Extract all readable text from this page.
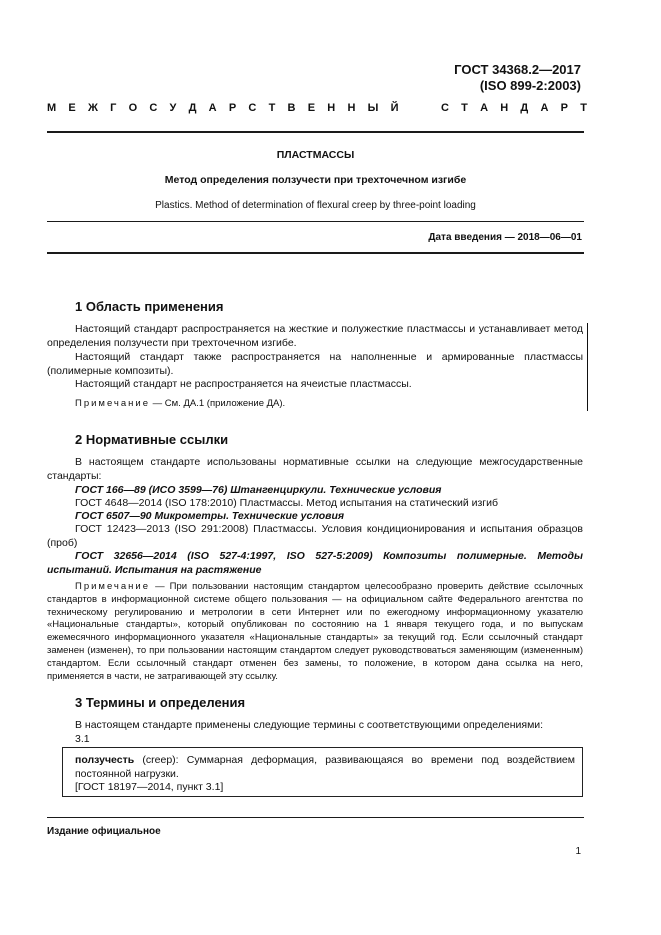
ГОСТ 34368.2—2017
(ISO 899-2:2003)
М Е Ж Г О С У Д А Р С Т В Е Н Н Ы Й	С Т А Н Д А Р Т
ПЛАСТМАССЫ
Метод определения ползучести при трехточечном изгибе
Plastics. Method of determination of flexural creep by three-point loading
Дата введения — 2018—06—01
1 Область применения
Настоящий стандарт распространяется на жесткие и полужесткие пластмассы и устанавливает метод определения ползучести при трехточечном изгибе.
Настоящий стандарт также распространяется на наполненные и армированные пластмассы (полимерные композиты).
Настоящий стандарт не распространяется на ячеистые пластмассы.
Примечание — См. ДА.1 (приложение ДА).
2 Нормативные ссылки
В настоящем стандарте использованы нормативные ссылки на следующие межгосударственные стандарты:
ГОСТ 166—89 (ИСО 3599—76) Штангенциркули. Технические условия
ГОСТ 4648—2014 (ISO 178:2010) Пластмассы. Метод испытания на статический изгиб
ГОСТ 6507—90 Микрометры. Технические условия
ГОСТ 12423—2013 (ISO 291:2008) Пластмассы. Условия кондиционирования и испытания образцов (проб)
ГОСТ 32656—2014 (ISO 527-4:1997, ISO 527-5:2009) Композиты полимерные. Методы испытаний. Испытания на растяжение
Примечание — При пользовании настоящим стандартом целесообразно проверить действие ссылочных стандартов в информационной системе общего пользования — на официальном сайте Федерального агентства по техническому регулированию и метрологии в сети Интернет или по ежегодному информационному указателю «Национальные стандарты», который опубликован по состоянию на 1 января текущего года, и по выпускам ежемесячного информационного указателя «Национальные стандарты» за текущий год. Если ссылочный стандарт заменен (изменен), то при пользовании настоящим стандартом следует руководствоваться заменяющим (измененным) стандартом. Если ссылочный стандарт отменен без замены, то положение, в котором дана ссылка на него, применяется в части, не затрагивающей эту ссылку.
3 Термины и определения
В настоящем стандарте применены следующие термины с соответствующими определениями:
3.1
ползучесть (creep): Суммарная деформация, развивающаяся во времени под воздействием постоянной нагрузки.
[ГОСТ 18197—2014, пункт 3.1]
Издание официальное
1
